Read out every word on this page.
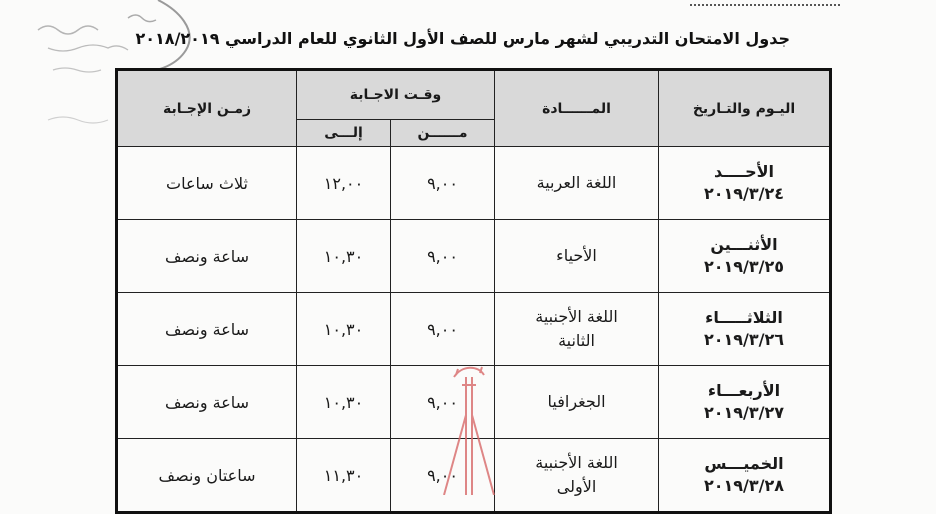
جدول الامتحان التدريبي لشهر مارس للصف الأول الثانوي للعام الدراسي ٢٠١٨/٢٠١٩
اليـوم والتـاريخ	المــــــادة	وقـت الاجـابة		زمـن الإجـابة
		مــــــن	إلـــى	
الأحــــد
٢٠١٩/٣/٢٤	اللغة العربية	٩,٠٠	١٢,٠٠	ثلاث ساعات
الأثنـــين
٢٠١٩/٣/٢٥	الأحياء	٩,٠٠	١٠,٣٠	ساعة ونصف
الثلاثـــــاء
٢٠١٩/٣/٢٦	اللغة الأجنبية
الثانية	٩,٠٠	١٠,٣٠	ساعة ونصف
الأربعـــاء
٢٠١٩/٣/٢٧	الجغرافيا	٩,٠٠	١٠,٣٠	ساعة ونصف
الخميـــس
٢٠١٩/٣/٢٨	اللغة الأجنبية
الأولى	٩,٠٠	١١,٣٠	ساعتان ونصف
